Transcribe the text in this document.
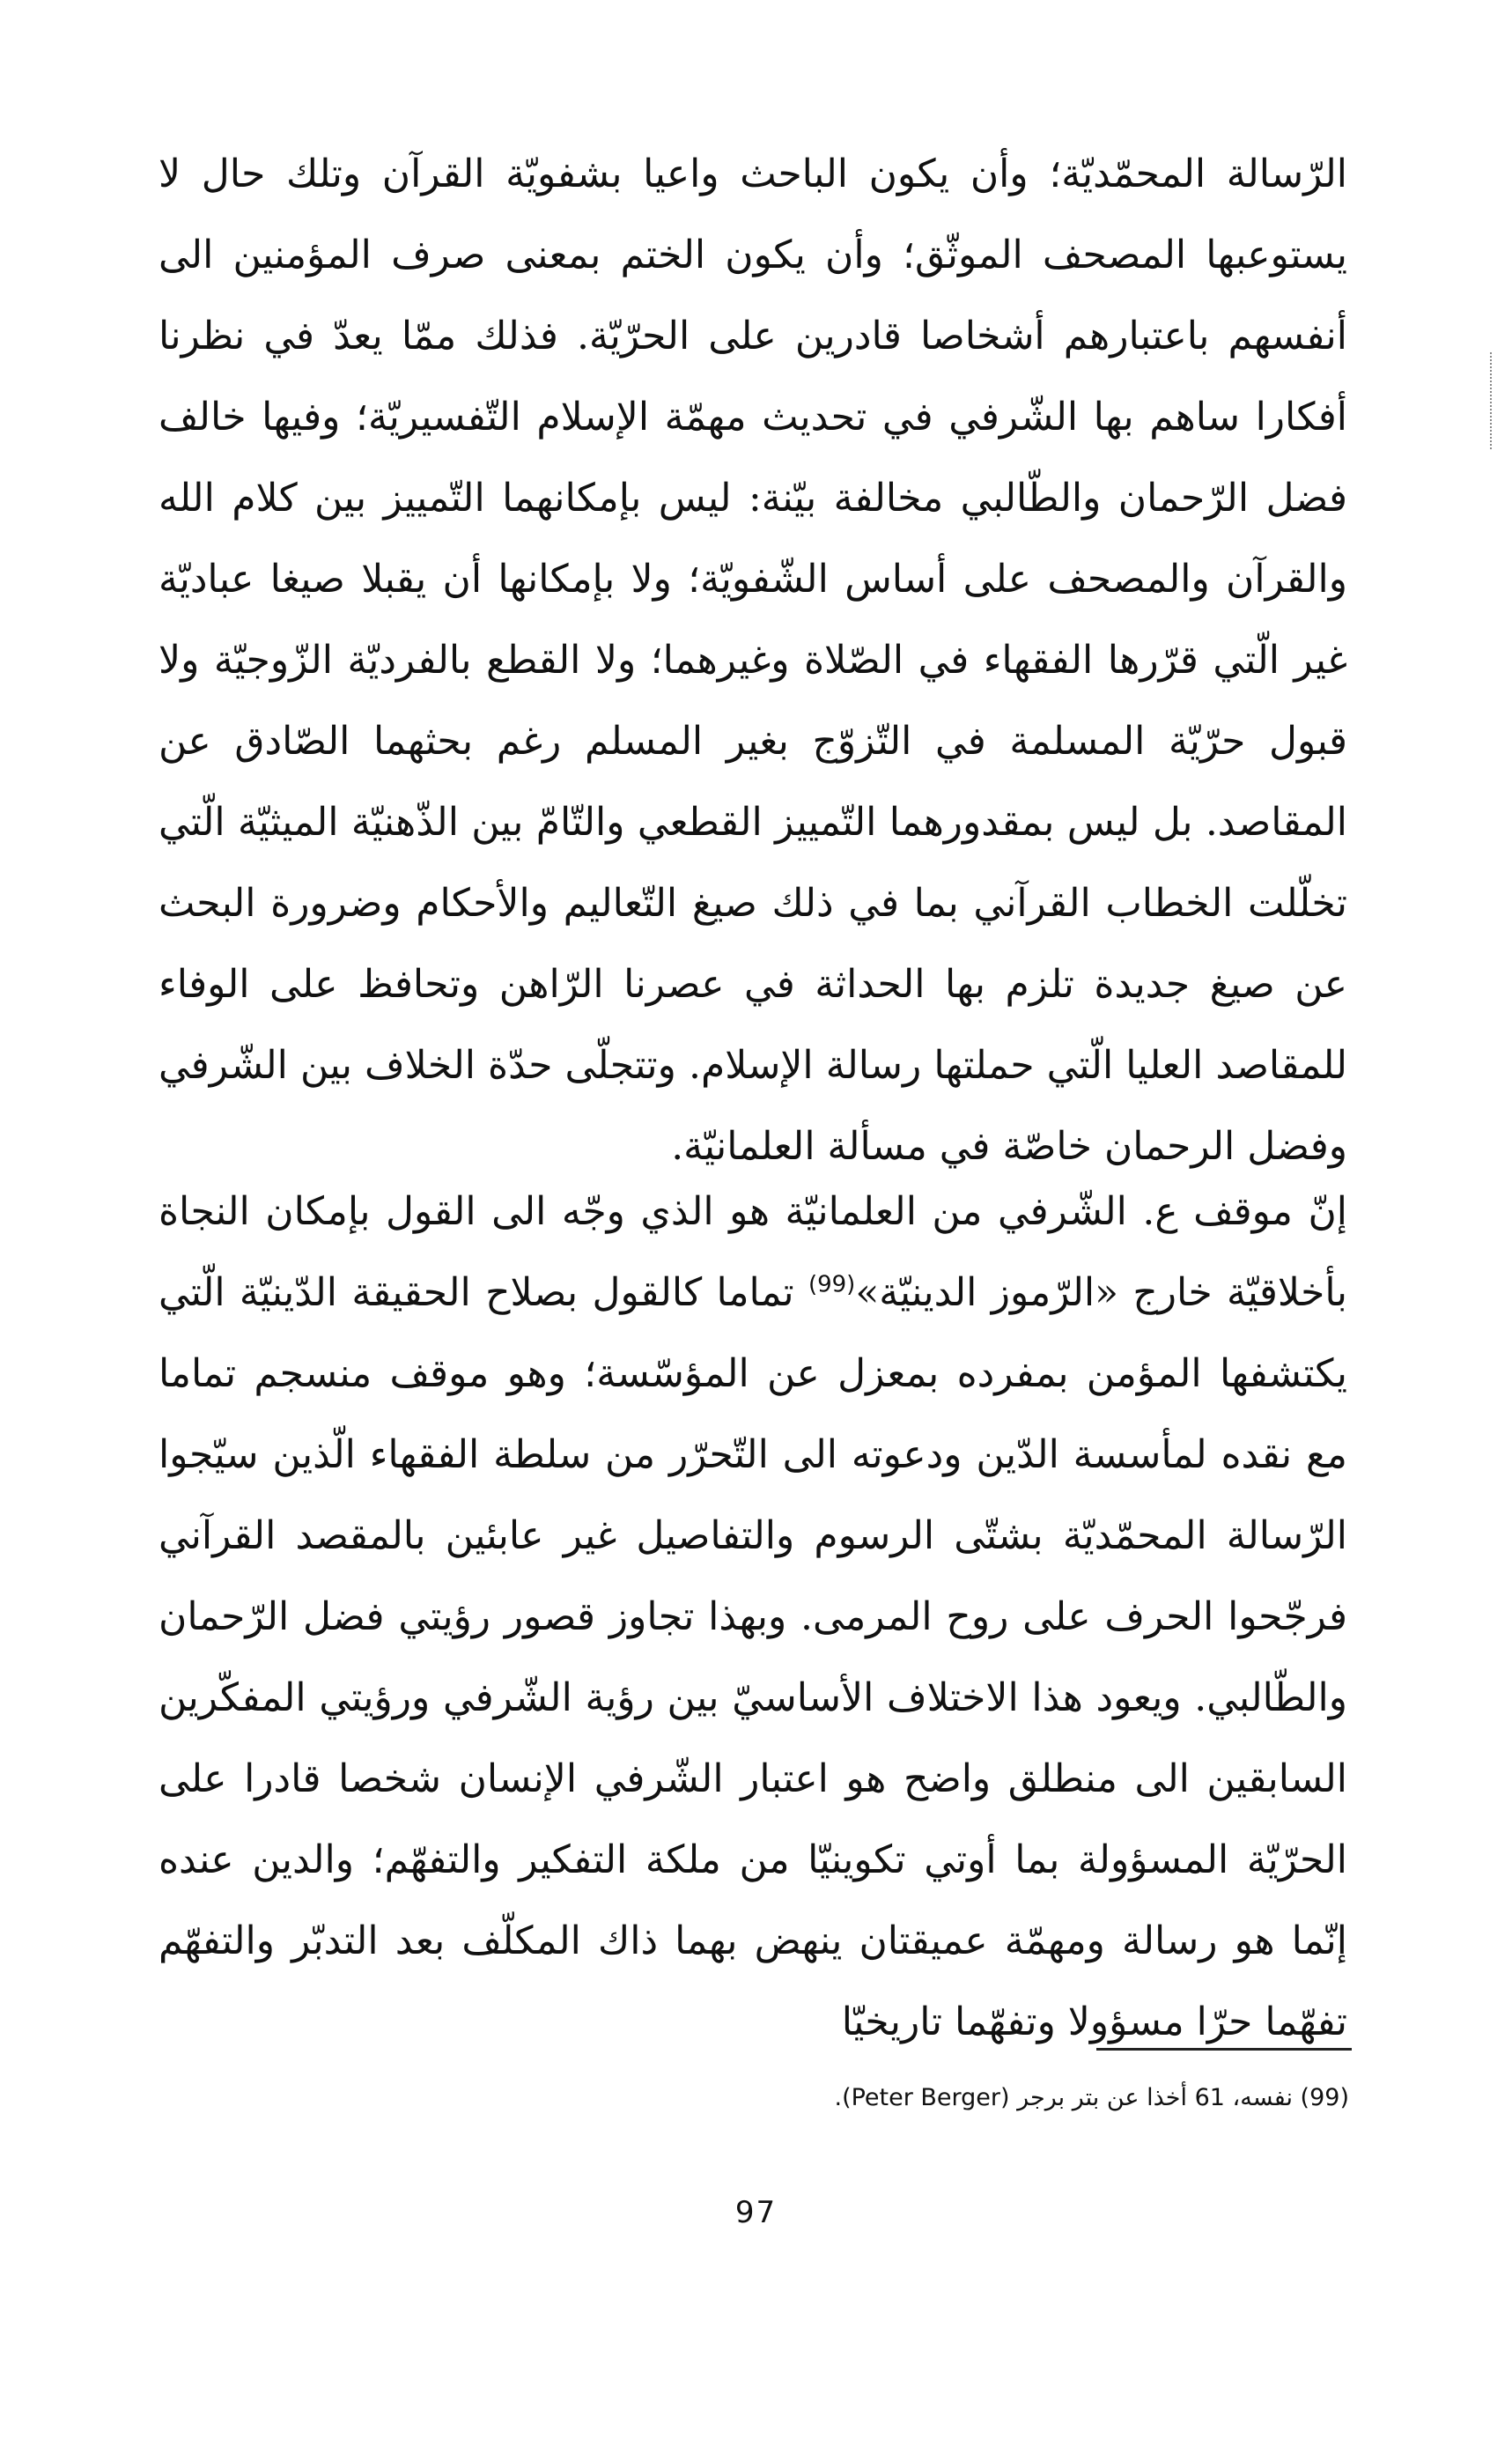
الرّسالة المحمّديّة؛ وأن يكون الباحث واعيا بشفويّة القرآن وتلك حال لا يستوعبها المصحف الموثّق؛ وأن يكون الختم بمعنى صرف المؤمنين الى أنفسهم باعتبارهم أشخاصا قادرين على الحرّيّة. فذلك ممّا يعدّ في نظرنا أفكارا ساهم بها الشّرفي في تحديث مهمّة الإسلام التّفسيريّة؛ وفيها خالف فضل الرّحمان والطّالبي مخالفة بيّنة: ليس بإمكانهما التّمييز بين كلام الله والقرآن والمصحف على أساس الشّفويّة؛ ولا بإمكانها أن يقبلا صيغا عباديّة غير الّتي قرّرها الفقهاء في الصّلاة وغيرهما؛ ولا القطع بالفرديّة الزّوجيّة ولا قبول حرّيّة المسلمة في التّزوّج بغير المسلم رغم بحثهما الصّادق عن المقاصد. بل ليس بمقدورهما التّمييز القطعي والتّامّ بين الذّهنيّة الميثيّة الّتي تخلّلت الخطاب القرآني بما في ذلك صيغ التّعاليم والأحكام وضرورة البحث عن صيغ جديدة تلزم بها الحداثة في عصرنا الرّاهن وتحافظ على الوفاء للمقاصد العليا الّتي حملتها رسالة الإسلام. وتتجلّى حدّة الخلاف بين الشّرفي وفضل الرحمان خاصّة في مسألة العلمانيّة.

إنّ موقف ع. الشّرفي من العلمانيّة هو الذي وجّه الى القول بإمكان النجاة بأخلاقيّة خارج «الرّموز الدينيّة»$^{(99)}$ تماما كالقول بصلاح الحقيقة الدّينيّة الّتي يكتشفها المؤمن بمفرده بمعزل عن المؤسّسة؛ وهو موقف منسجم تماما مع نقده لمأسسة الدّين ودعوته الى التّحرّر من سلطة الفقهاء الّذين سيّجوا الرّسالة المحمّديّة بشتّى الرسوم والتفاصيل غير عابئين بالمقصد القرآني فرجّحوا الحرف على روح المرمى. وبهذا تجاوز قصور رؤيتي فضل الرّحمان والطّالبي. ويعود هذا الاختلاف الأساسيّ بين رؤية الشّرفي ورؤيتي المفكّرين السابقين الى منطلق واضح هو اعتبار الشّرفي الإنسان شخصا قادرا على الحرّيّة المسؤولة بما أوتي تكوينيّا من ملكة التفكير والتفهّم؛ والدين عنده إنّما هو رسالة ومهمّة عميقتان ينهض بهما ذاك المكلّف بعد التدبّر والتفهّم تفهّما حرّا مسؤولا وتفهّما تاريخيّا

(99) نفسه، 61 أخذا عن بتر برجر (Peter Berger).
97
